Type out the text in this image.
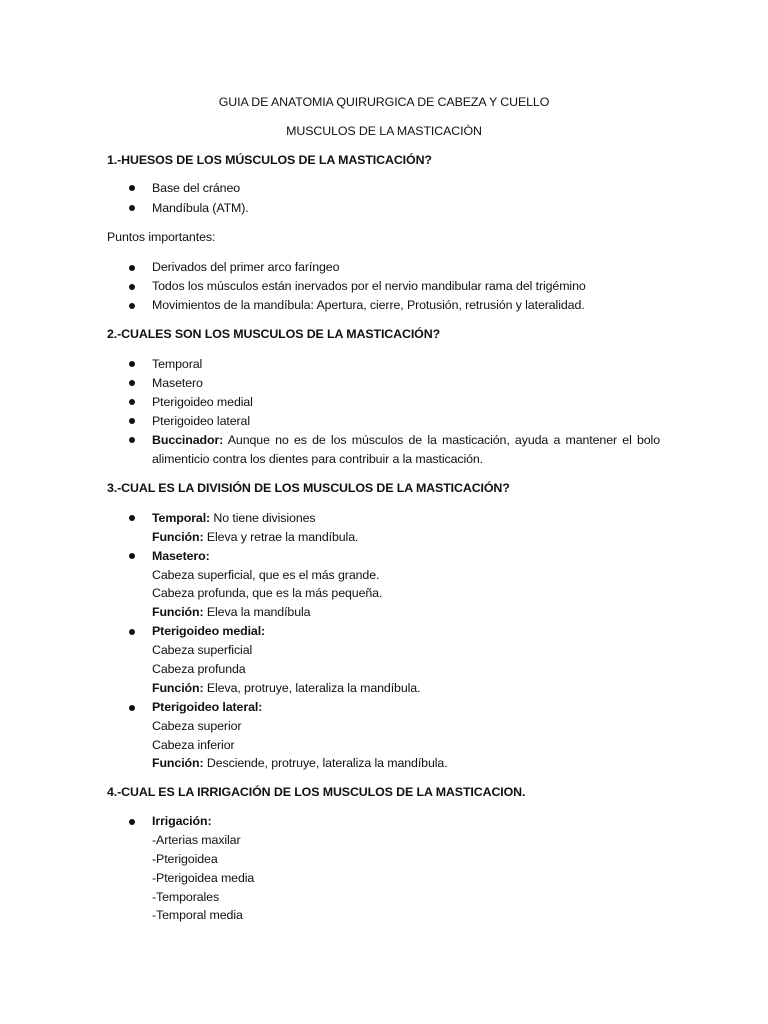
GUIA DE ANATOMIA QUIRURGICA DE CABEZA Y CUELLO
MUSCULOS DE LA MASTICACIÒN
1.-HUESOS DE LOS MÚSCULOS DE LA MASTICACIÓN?
Base del cráneo
Mandíbula (ATM).
Puntos importantes:
Derivados del primer arco faríngeo
Todos los músculos están inervados por el nervio mandibular rama del trigémino
Movimientos de la mandíbula: Apertura, cierre, Protusión, retrusión y lateralidad.
2.-CUALES SON LOS MUSCULOS DE LA MASTICACIÓN?
Temporal
Masetero
Pterigoideo medial
Pterigoideo lateral
Buccinador: Aunque no es de los músculos de la masticación, ayuda a mantener el bolo
alimenticio contra los dientes para contribuir a la masticación.
3.-CUAL ES LA DIVISIÓN DE LOS MUSCULOS DE LA MASTICACIÓN?
Temporal: No tiene divisiones
Función: Eleva y retrae la mandíbula.
Masetero:
Cabeza superficial, que es el más grande.
Cabeza profunda, que es la más pequeña.
Función: Eleva la mandíbula
Pterigoideo medial:
Cabeza superficial
Cabeza profunda
Función: Eleva, protruye, lateraliza la mandíbula.
Pterigoideo lateral:
Cabeza superior
Cabeza inferior
Función: Desciende, protruye, lateraliza la mandíbula.
4.-CUAL ES LA IRRIGACIÓN DE LOS MUSCULOS DE LA MASTICACION.
Irrigación:
-Arterias maxilar
-Pterigoidea
-Pterigoidea media
-Temporales
-Temporal media
